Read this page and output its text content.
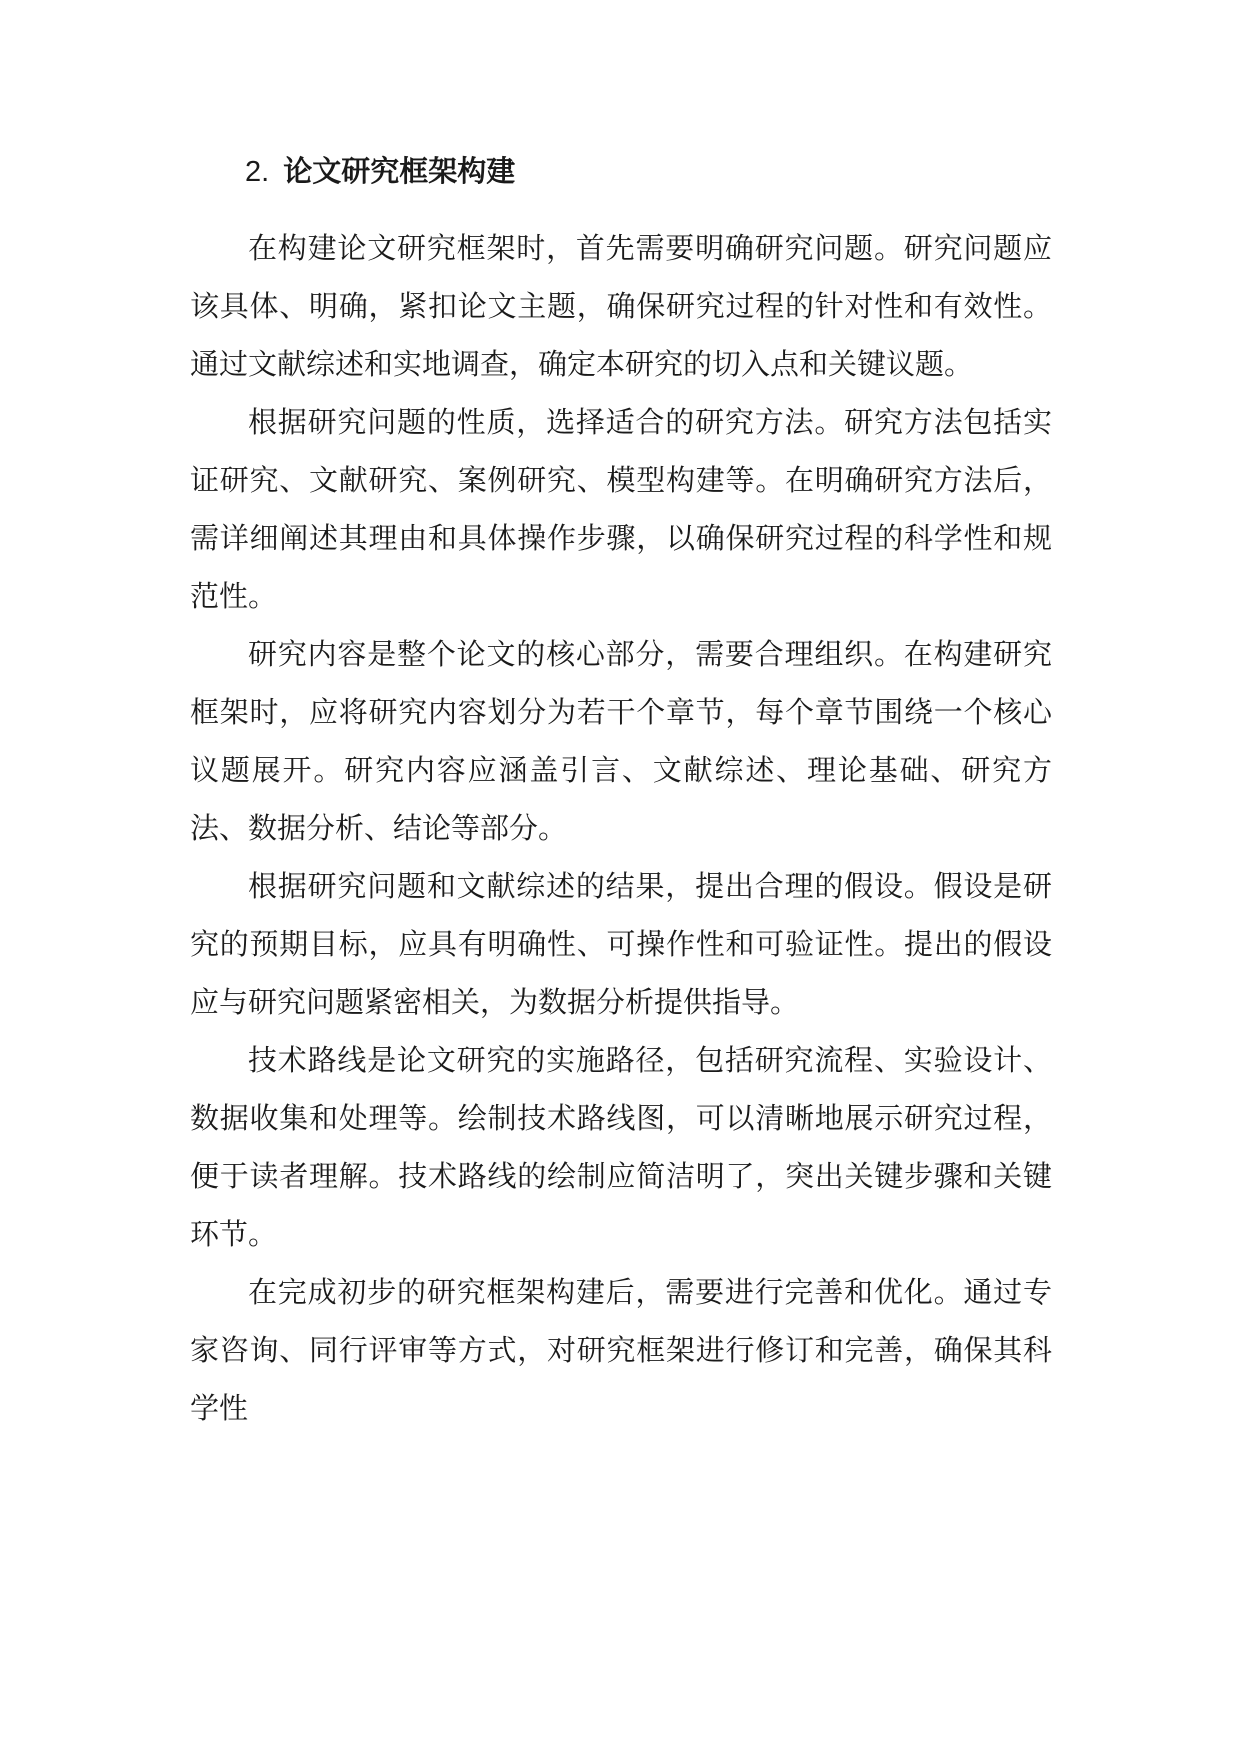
2. 论文研究框架构建

在构建论文研究框架时，首先需要明确研究问题。研究问题应该具体、明确，紧扣论文主题，确保研究过程的针对性和有效性。通过文献综述和实地调查，确定本研究的切入点和关键议题。

根据研究问题的性质，选择适合的研究方法。研究方法包括实证研究、文献研究、案例研究、模型构建等。在明确研究方法后，需详细阐述其理由和具体操作步骤，以确保研究过程的科学性和规范性。

研究内容是整个论文的核心部分，需要合理组织。在构建研究框架时，应将研究内容划分为若干个章节，每个章节围绕一个核心议题展开。研究内容应涵盖引言、文献综述、理论基础、研究方法、数据分析、结论等部分。

根据研究问题和文献综述的结果，提出合理的假设。假设是研究的预期目标，应具有明确性、可操作性和可验证性。提出的假设应与研究问题紧密相关，为数据分析提供指导。

技术路线是论文研究的实施路径，包括研究流程、实验设计、数据收集和处理等。绘制技术路线图，可以清晰地展示研究过程，便于读者理解。技术路线的绘制应简洁明了，突出关键步骤和关键环节。

在完成初步的研究框架构建后，需要进行完善和优化。通过专家咨询、同行评审等方式，对研究框架进行修订和完善，确保其科学性
